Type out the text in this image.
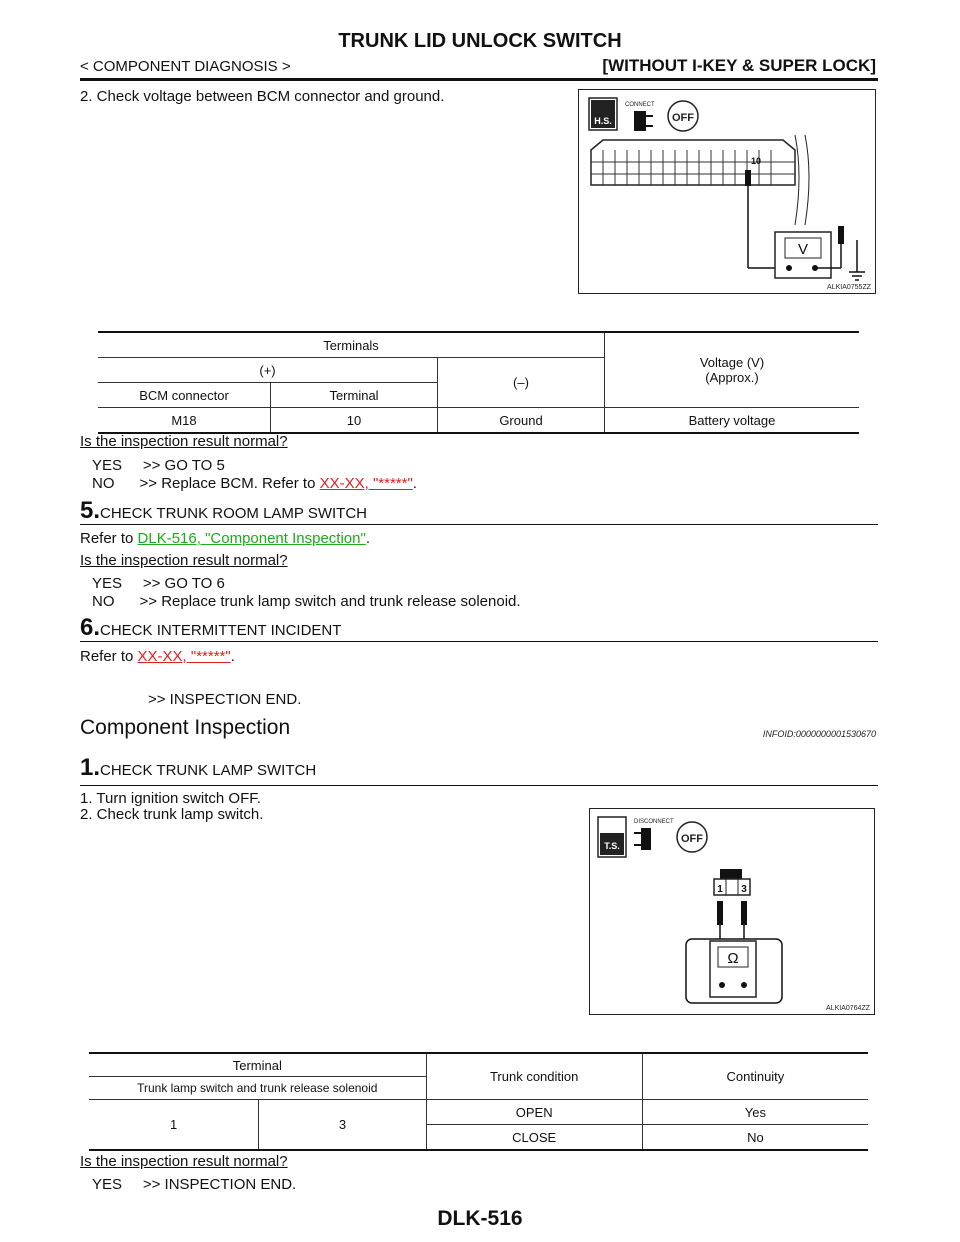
TRUNK LID UNLOCK SWITCH
< COMPONENT DIAGNOSIS >	[WITHOUT I-KEY & SUPER LOCK]
2. Check voltage between BCM connector and ground.
H.S.
CONNECT
OFF
10
V
ALKIA0755ZZ
Terminals			Voltage (V)
(Approx.)
(+)		(–)	
BCM connector	Terminal		
M18	10	Ground	Battery voltage
Is the inspection result normal?
YES     >> GO TO 5
NO      >> Replace BCM. Refer to XX-XX, "*****".
5.CHECK TRUNK ROOM LAMP SWITCH
Refer to DLK-516, "Component Inspection".
Is the inspection result normal?
YES     >> GO TO 6
NO      >> Replace trunk lamp switch and trunk release solenoid.
6.CHECK INTERMITTENT INCIDENT
Refer to XX-XX, "*****".
>> INSPECTION END.
Component Inspection	INFOID:0000000001530670
1.CHECK TRUNK LAMP SWITCH
1. Turn ignition switch OFF.
2. Check trunk lamp switch.
T.S.
DISCONNECT
OFF
1 3
Ω
ALKIA0764ZZ
Terminal		Trunk condition	Continuity
Trunk lamp switch and trunk release solenoid			
1	3	OPEN	Yes
		CLOSE	No
Is the inspection result normal?
YES     >> INSPECTION END.
DLK-516
